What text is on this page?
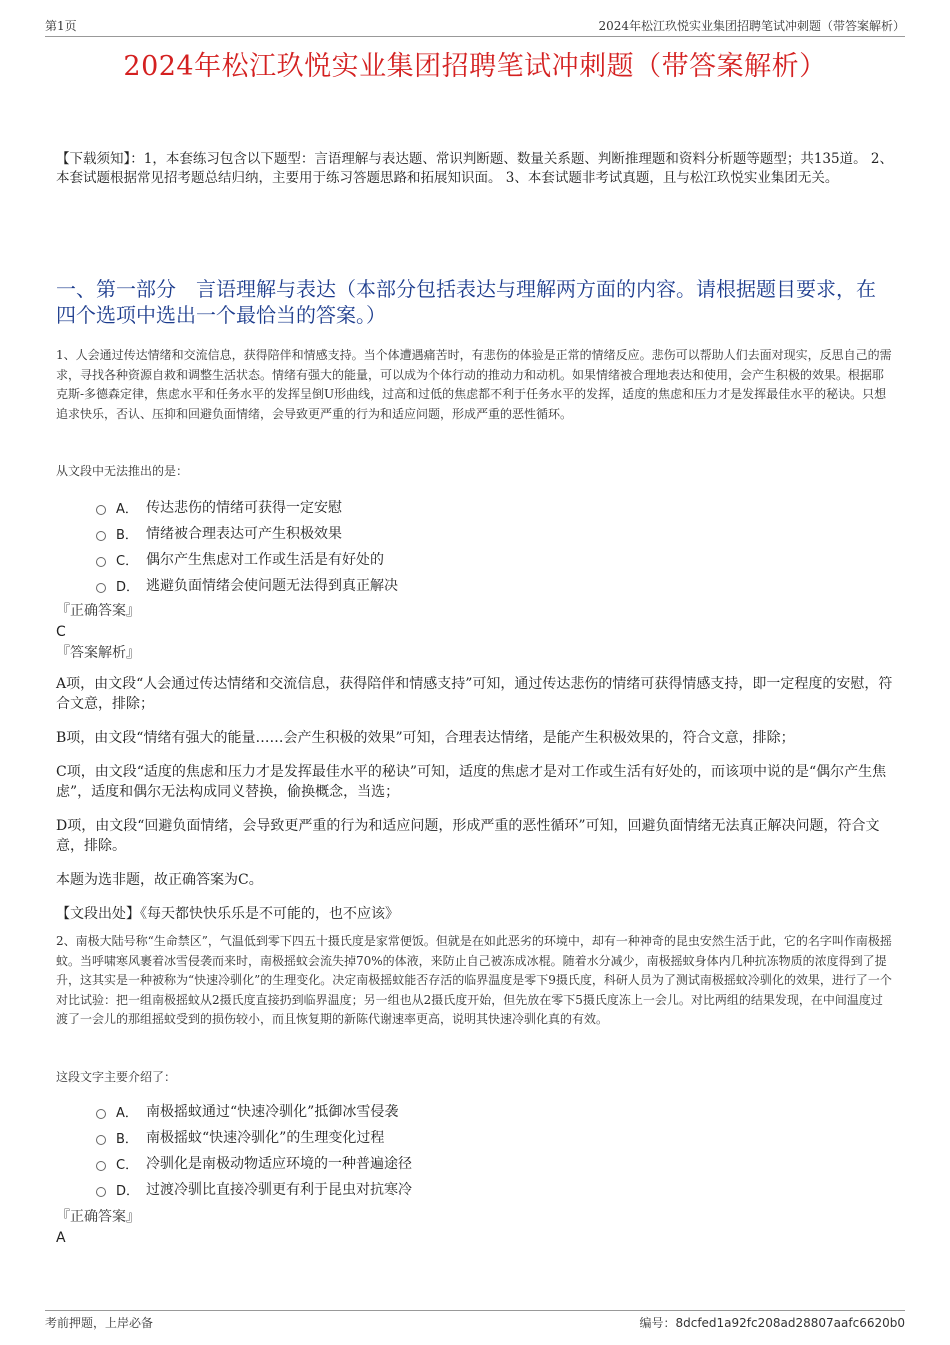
第1页	2024年松江玖悦实业集团招聘笔试冲刺题（带答案解析）
2024年松江玖悦实业集团招聘笔试冲刺题（带答案解析）
【下载须知】：1，本套练习包含以下题型：言语理解与表达题、常识判断题、数量关系题、判断推理题和资料分析题等题型；共135道。 2、本套试题根据常见招考题总结归纳，主要用于练习答题思路和拓展知识面。 3、本套试题非考试真题，且与松江玖悦实业集团无关。
一、第一部分　言语理解与表达（本部分包括表达与理解两方面的内容。请根据题目要求，在四个选项中选出一个最恰当的答案。）

1、人会通过传达情绪和交流信息，获得陪伴和情感支持。当个体遭遇痛苦时，有悲伤的体验是正常的情绪反应。悲伤可以帮助人们去面对现实，反思自己的需求，寻找各种资源自救和调整生活状态。情绪有强大的能量，可以成为个体行动的推动力和动机。如果情绪被合理地表达和使用，会产生积极的效果。根据耶克斯-多德森定律，焦虑水平和任务水平的发挥呈倒U形曲线，过高和过低的焦虑都不利于任务水平的发挥，适度的焦虑和压力才是发挥最佳水平的秘诀。只想追求快乐，否认、压抑和回避负面情绪，会导致更严重的行为和适应问题，形成严重的恶性循环。

从文段中无法推出的是：

A． 传达悲伤的情绪可获得一定安慰
B． 情绪被合理表达可产生积极效果
C． 偶尔产生焦虑对工作或生活是有好处的
D． 逃避负面情绪会使问题无法得到真正解决

『正确答案』

C

『答案解析』

A项，由文段“人会通过传达情绪和交流信息，获得陪伴和情感支持”可知，通过传达悲伤的情绪可获得情感支持，即一定程度的安慰，符合文意，排除；

B项，由文段“情绪有强大的能量……会产生积极的效果”可知，合理表达情绪，是能产生积极效果的，符合文意，排除；

C项，由文段“适度的焦虑和压力才是发挥最佳水平的秘诀”可知，适度的焦虑才是对工作或生活有好处的，而该项中说的是“偶尔产生焦虑”，适度和偶尔无法构成同义替换，偷换概念，当选；

D项，由文段“回避负面情绪，会导致更严重的行为和适应问题，形成严重的恶性循环”可知，回避负面情绪无法真正解决问题，符合文意，排除。

本题为选非题，故正确答案为C。

【文段出处】《每天都快快乐乐是不可能的，也不应该》

2、南极大陆号称“生命禁区”，气温低到零下四五十摄氏度是家常便饭。但就是在如此恶劣的环境中，却有一种神奇的昆虫安然生活于此，它的名字叫作南极摇蚊。当呼啸寒风裹着冰雪侵袭而来时，南极摇蚊会流失掉70%的体液，来防止自己被冻成冰棍。随着水分减少，南极摇蚊身体内几种抗冻物质的浓度得到了提升，这其实是一种被称为“快速冷驯化”的生理变化。决定南极摇蚊能否存活的临界温度是零下9摄氏度，科研人员为了测试南极摇蚊冷驯化的效果，进行了一个对比试验：把一组南极摇蚊从2摄氏度直接扔到临界温度；另一组也从2摄氏度开始，但先放在零下5摄氏度冻上一会儿。对比两组的结果发现，在中间温度过渡了一会儿的那组摇蚊受到的损伤较小，而且恢复期的新陈代谢速率更高，说明其快速冷驯化真的有效。

这段文字主要介绍了：

A． 南极摇蚊通过“快速冷驯化”抵御冰雪侵袭
B． 南极摇蚊“快速冷驯化”的生理变化过程
C． 冷驯化是南极动物适应环境的一种普遍途径
D． 过渡冷驯比直接冷驯更有利于昆虫对抗寒冷

『正确答案』

A

考前押题，上岸必备	编号：8dcfed1a92fc208ad28807aafc6620b0
